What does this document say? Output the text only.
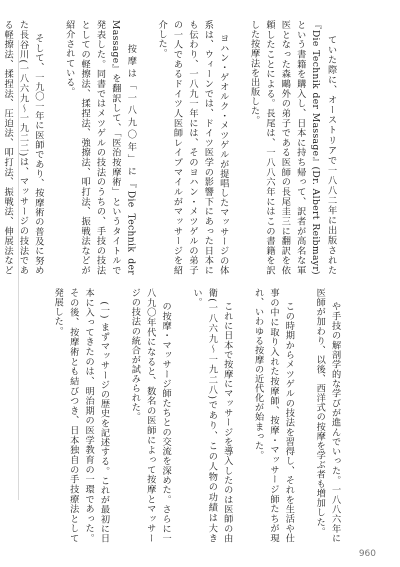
ていた際に、オーストリアで一八八二年に出版された『Die Technik der Massage』(Dr. Albert Reibmayr) という書籍を購入し、日本に持ち帰って、訳者が高名な軍医となった森鷗外の弟子である医師の長尾圭三に翻訳を依頼したことによる。長尾は、一八八六年にはこの書籍を訳した按摩法を出版した。

ヨハン・ゲオルク・メツゲルが提唱したマッサージの体系は、ウィーンでは、ドイツ医学の影響下にあった日本にも伝わり、一八九一年には、そのヨハン・メツゲルの弟子の一人であるドイツ人医師レイプマイルがマッサージを紹介した。

按摩は「一八九〇年」に『Die Technik der Massage』を翻訳して、「医治按摩術」というタイトルで発表した。同書ではメツゲルの技法のうちの、手技の技法としての軽擦法、揉捏法、強擦法、叩打法、振戦法などが紹介されている。

そして、一九〇一年に医師であり、按摩術の普及に努めた長谷川(一八六九〜一九二二)は、マッサージの技法である軽擦法、揉捏法、圧迫法、叩打法、振戦法、伸展法など

や手技の解剖学的な学びが進んでいった。一八八六年に医師が加わり、以後、西洋式の按摩を学ぶ者も増加した。

この時期からメツゲルの技法を習得し、それを生活や仕事の中に取り入れた按摩師、按摩・マッサージ師たちが現れ、いわゆる按摩の近代化が始まった。

これに日本で按摩にマッサージを導入したのは医師の由衛(一八六九〜一九二八)であり、この人物の功績は大きい。

の按摩・マッサージ師たちとの交流を深めた。さらに一八九〇年代になると、数名の医師によって按摩とマッサージの技法の統合が試みられた。

(一) まずマッサージの歴史を記述する。これが最初に日本に入ってきたのは、明治期の医学教育の一環であった。その後、按摩術とも結びつき、日本独自の手技療法として発展した。

960
